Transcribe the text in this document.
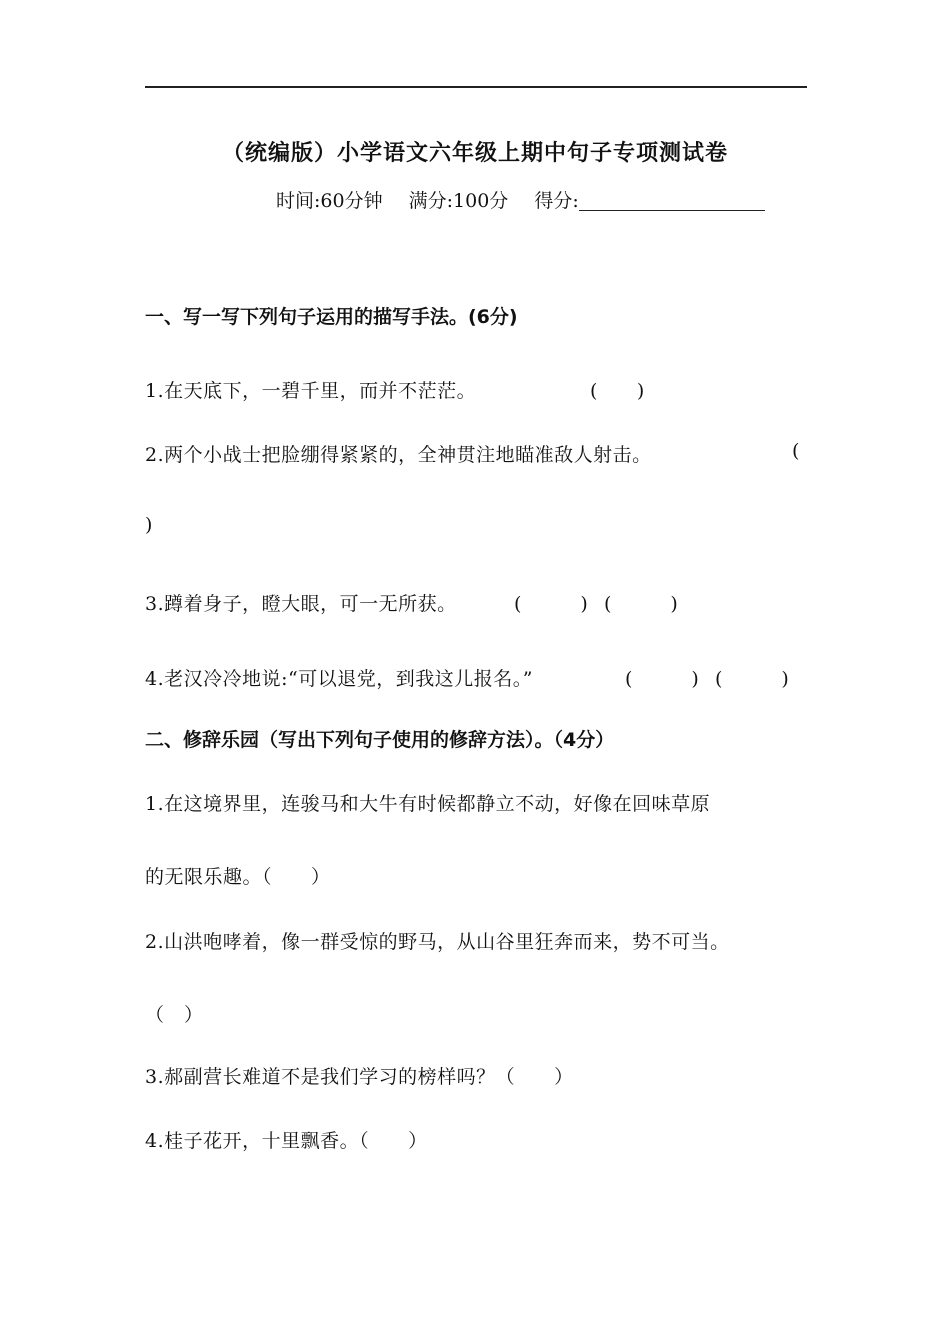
（统编版）小学语文六年级上期中句子专项测试卷
时间:60分钟 满分:100分 得分:
一、写一写下列句子运用的描写手法。(6分)
1.在天底下，一碧千里，而并不茫茫。	(　　)
2.两个小战士把脸绷得紧紧的，全神贯注地瞄准敌人射击。	(
)
3.蹲着身子，瞪大眼，可一无所获。	(　　　) (　　　)
4.老汉冷冷地说:“可以退党，到我这儿报名。”	(　　　) (　　　)
二、修辞乐园（写出下列句子使用的修辞方法）。（4分）
1.在这境界里，连骏马和大牛有时候都静立不动，好像在回味草原
的无限乐趣。（　　）
2.山洪咆哮着，像一群受惊的野马，从山谷里狂奔而来，势不可当。
（　）
3.郝副营长难道不是我们学习的榜样吗？（　　）
4.桂子花开，十里飘香。（　　）
